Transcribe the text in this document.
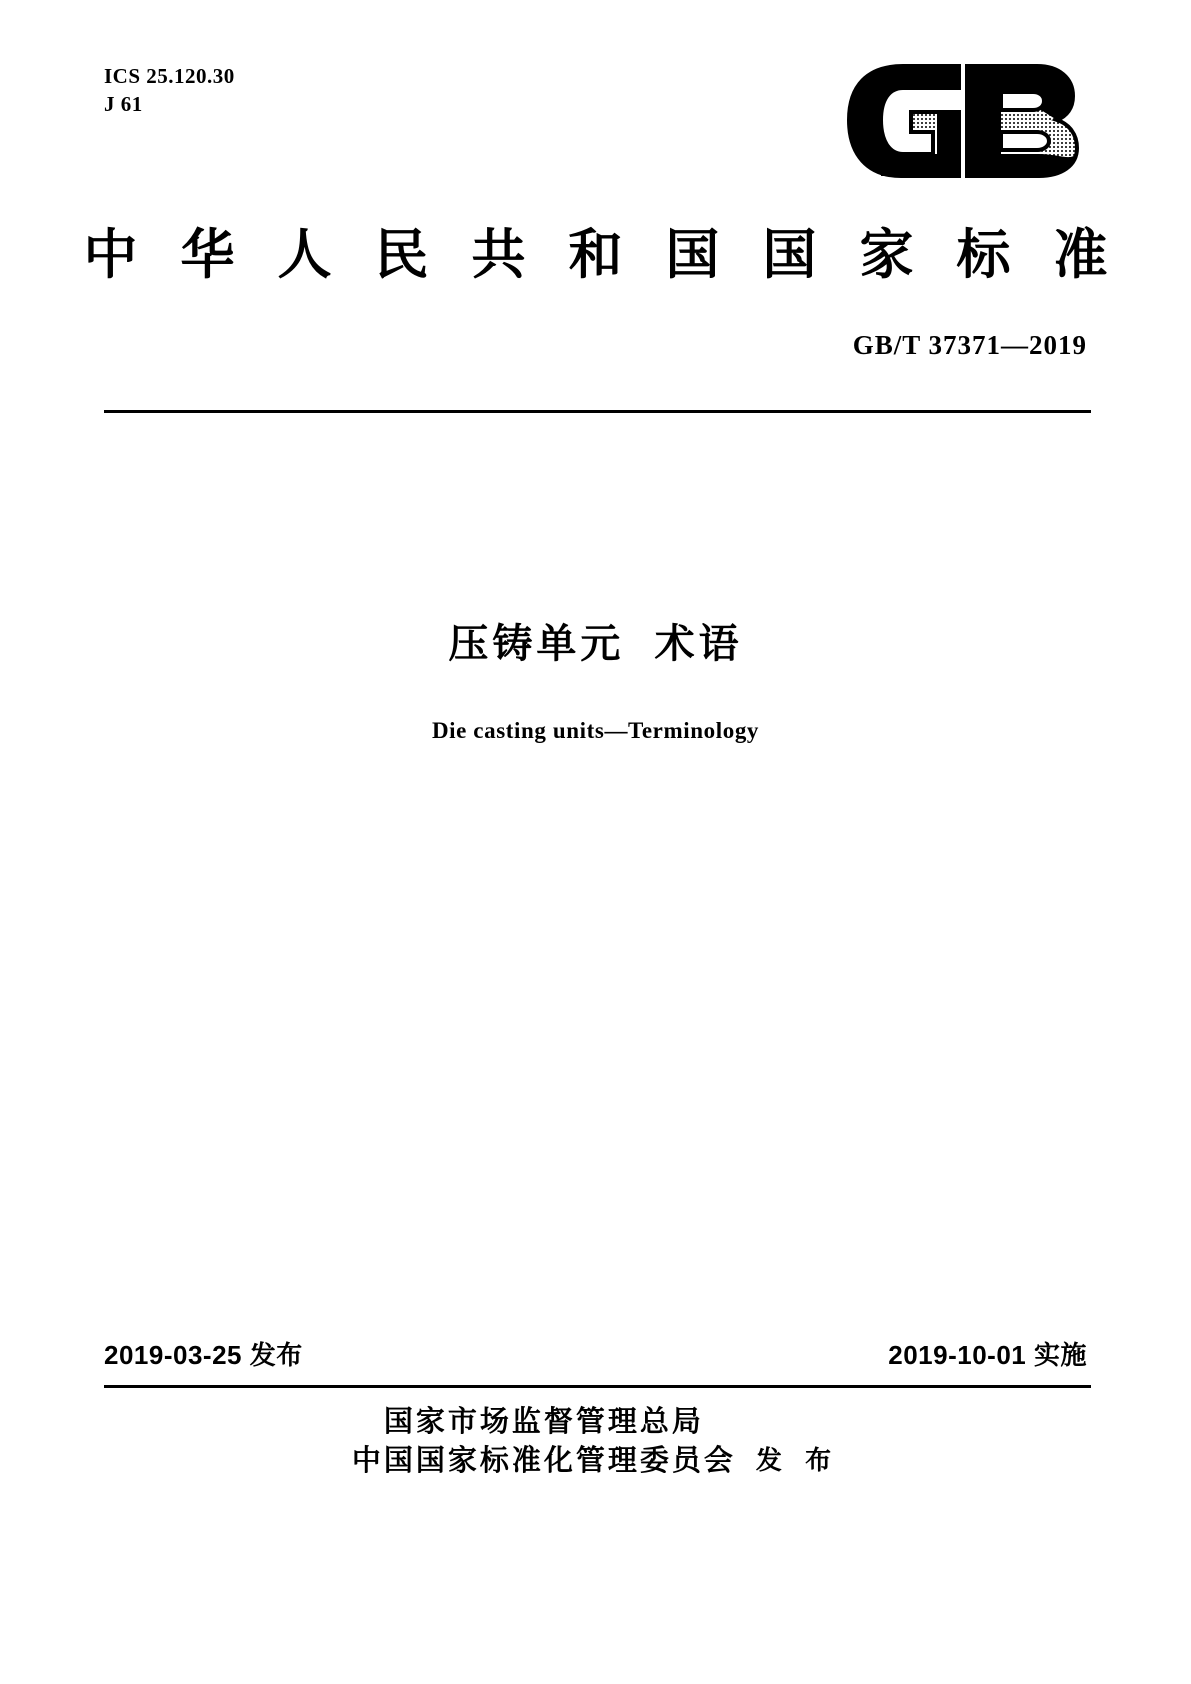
ICS 25.120.30
J 61
中 华 人 民 共 和 国 国 家 标 准
GB/T 37371—2019
压铸单元  术语
Die casting units—Terminology
2019-03-25 发布	2019-10-01 实施
国家市场监督管理总局
中国国家标准化管理委员会 发 布
